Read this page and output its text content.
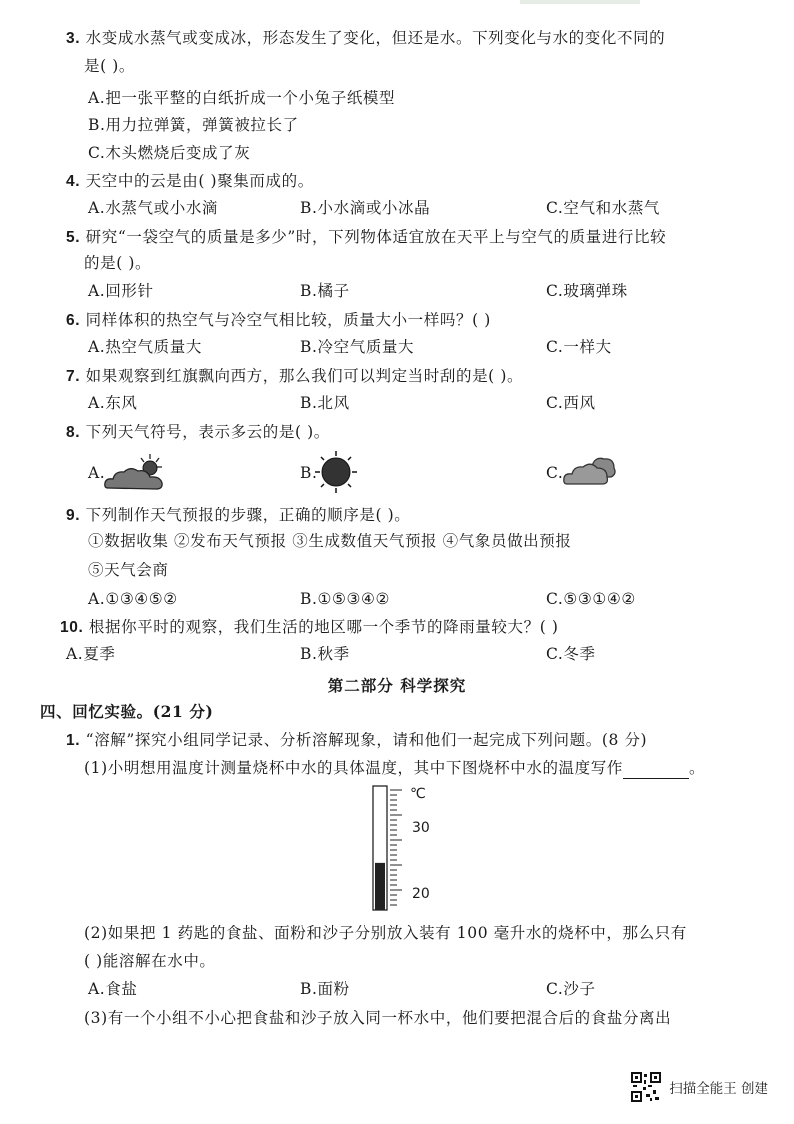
3. 水变成水蒸气或变成冰，形态发生了变化，但还是水。下列变化与水的变化不同的
是( )。
A.把一张平整的白纸折成一个小兔子纸模型
B.用力拉弹簧，弹簧被拉长了
C.木头燃烧后变成了灰
4. 天空中的云是由( )聚集而成的。
A.水蒸气或小水滴	B.小水滴或小冰晶	C.空气和水蒸气
5. 研究“一袋空气的质量是多少”时，下列物体适宜放在天平上与空气的质量进行比较
的是( )。
A.回形针	B.橘子	C.玻璃弹珠
6. 同样体积的热空气与冷空气相比较，质量大小一样吗？( )
A.热空气质量大	B.冷空气质量大	C.一样大
7. 如果观察到红旗飘向西方，那么我们可以判定当时刮的是( )。
A.东风	B.北风	C.西风
8. 下列天气符号，表示多云的是( )。
A.	B.	C.
9. 下列制作天气预报的步骤，正确的顺序是( )。
①数据收集 ②发布天气预报 ③生成数值天气预报 ④气象员做出预报
⑤天气会商
A.①③④⑤②	B.①⑤③④②	C.⑤③①④②
10. 根据你平时的观察，我们生活的地区哪一个季节的降雨量较大？( )
A.夏季	B.秋季	C.冬季
第二部分 科学探究
四、回忆实验。(21 分)
1. “溶解”探究小组同学记录、分析溶解现象，请和他们一起完成下列问题。(8 分)
(1)小明想用温度计测量烧杯中水的具体温度，其中下图烧杯中水的温度写作	。
℃
30
20
(2)如果把 1 药匙的食盐、面粉和沙子分别放入装有 100 毫升水的烧杯中，那么只有
( )能溶解在水中。
A.食盐	B.面粉	C.沙子
(3)有一个小组不小心把食盐和沙子放入同一杯水中，他们要把混合后的食盐分离出
扫描全能王 创建
